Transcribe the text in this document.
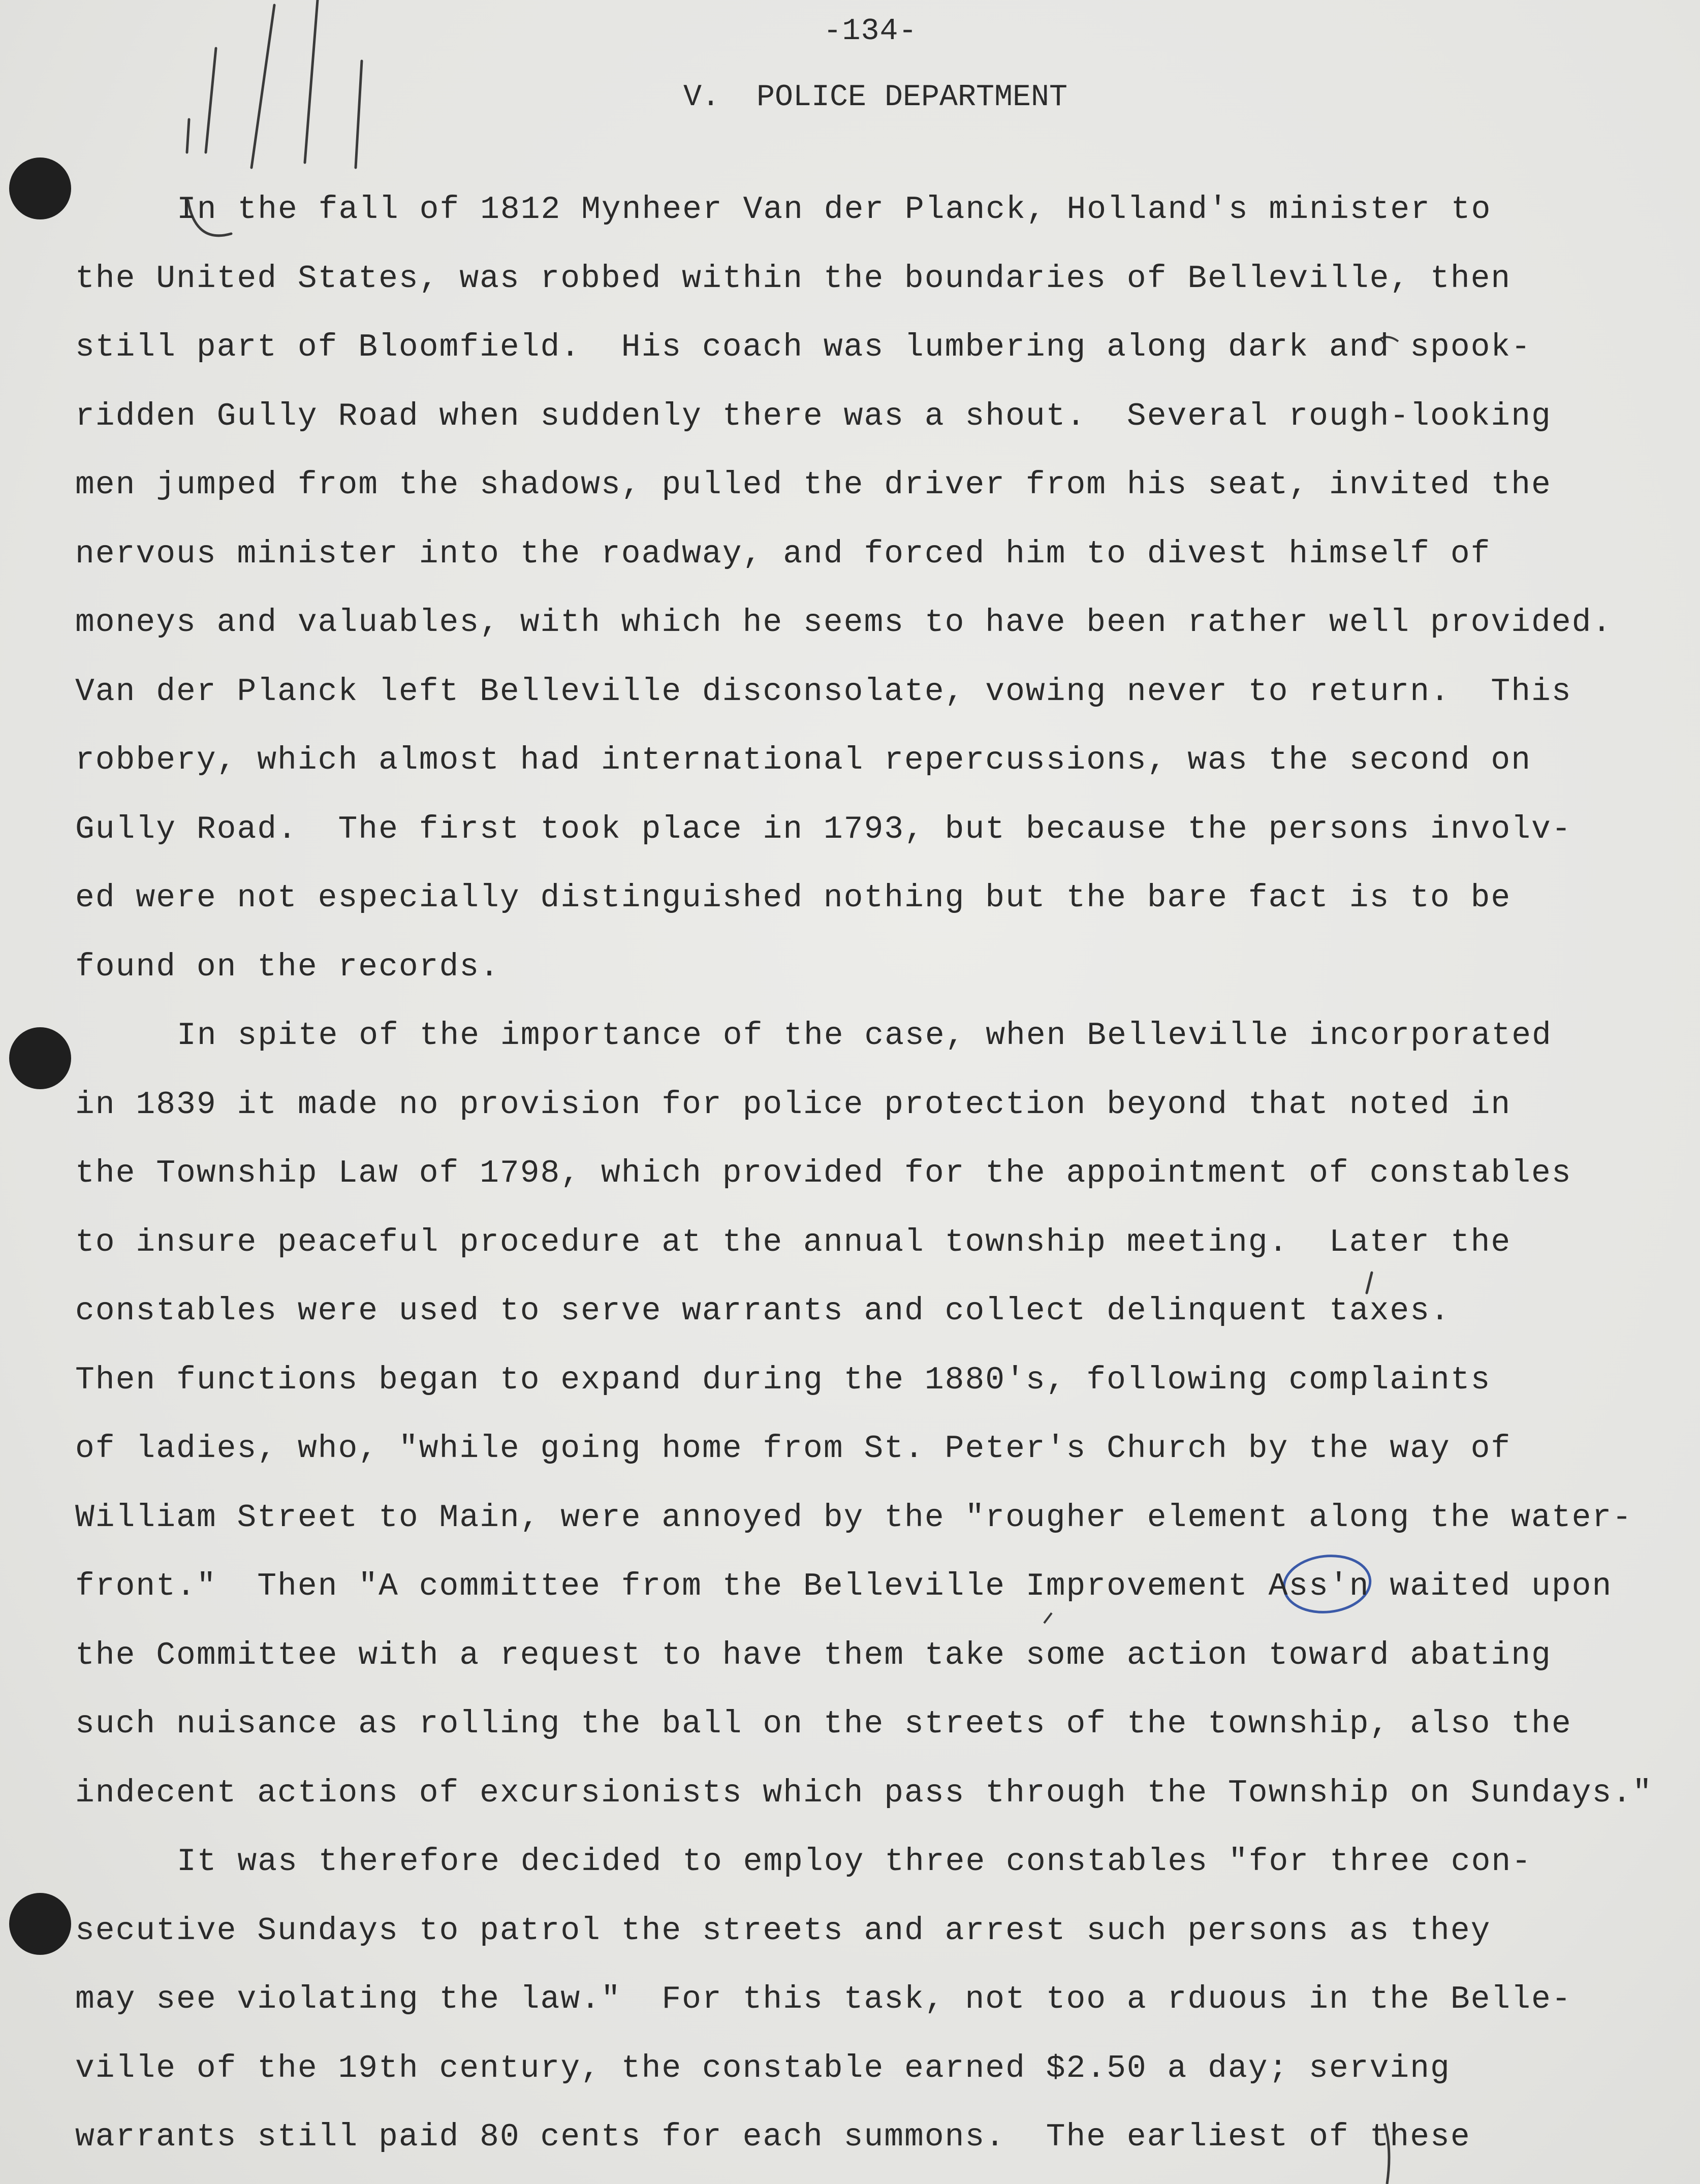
-134-
V.  POLICE DEPARTMENT
In the fall of 1812 Mynheer Van der Planck, Holland's minister to
the United States, was robbed within the boundaries of Belleville, then
still part of Bloomfield.  His coach was lumbering along dark and spook-
ridden Gully Road when suddenly there was a shout.  Several rough-looking
men jumped from the shadows, pulled the driver from his seat, invited the
nervous minister into the roadway, and forced him to divest himself of
moneys and valuables, with which he seems to have been rather well provided.
Van der Planck left Belleville disconsolate, vowing never to return.  This
robbery, which almost had international repercussions, was the second on
Gully Road.  The first took place in 1793, but because the persons involv-
ed were not especially distinguished nothing but the bare fact is to be
found on the records.
In spite of the importance of the case, when Belleville incorporated
in 1839 it made no provision for police protection beyond that noted in
the Township Law of 1798, which provided for the appointment of constables
to insure peaceful procedure at the annual township meeting.  Later the
constables were used to serve warrants and collect delinquent taxes.
Then functions began to expand during the 1880's, following complaints
of ladies, who, "while going home from St. Peter's Church by the way of
William Street to Main, were annoyed by the "rougher element along the water-
front."  Then "A committee from the Belleville Improvement Ass'n waited upon
the Committee with a request to have them take some action toward abating
such nuisance as rolling the ball on the streets of the township, also the
indecent actions of excursionists which pass through the Township on Sundays."
It was therefore decided to employ three constables "for three con-
secutive Sundays to patrol the streets and arrest such persons as they
may see violating the law."  For this task, not too a rduous in the Belle-
ville of the 19th century, the constable earned $2.50 a day; serving
warrants still paid 80 cents for each summons.  The earliest of these
